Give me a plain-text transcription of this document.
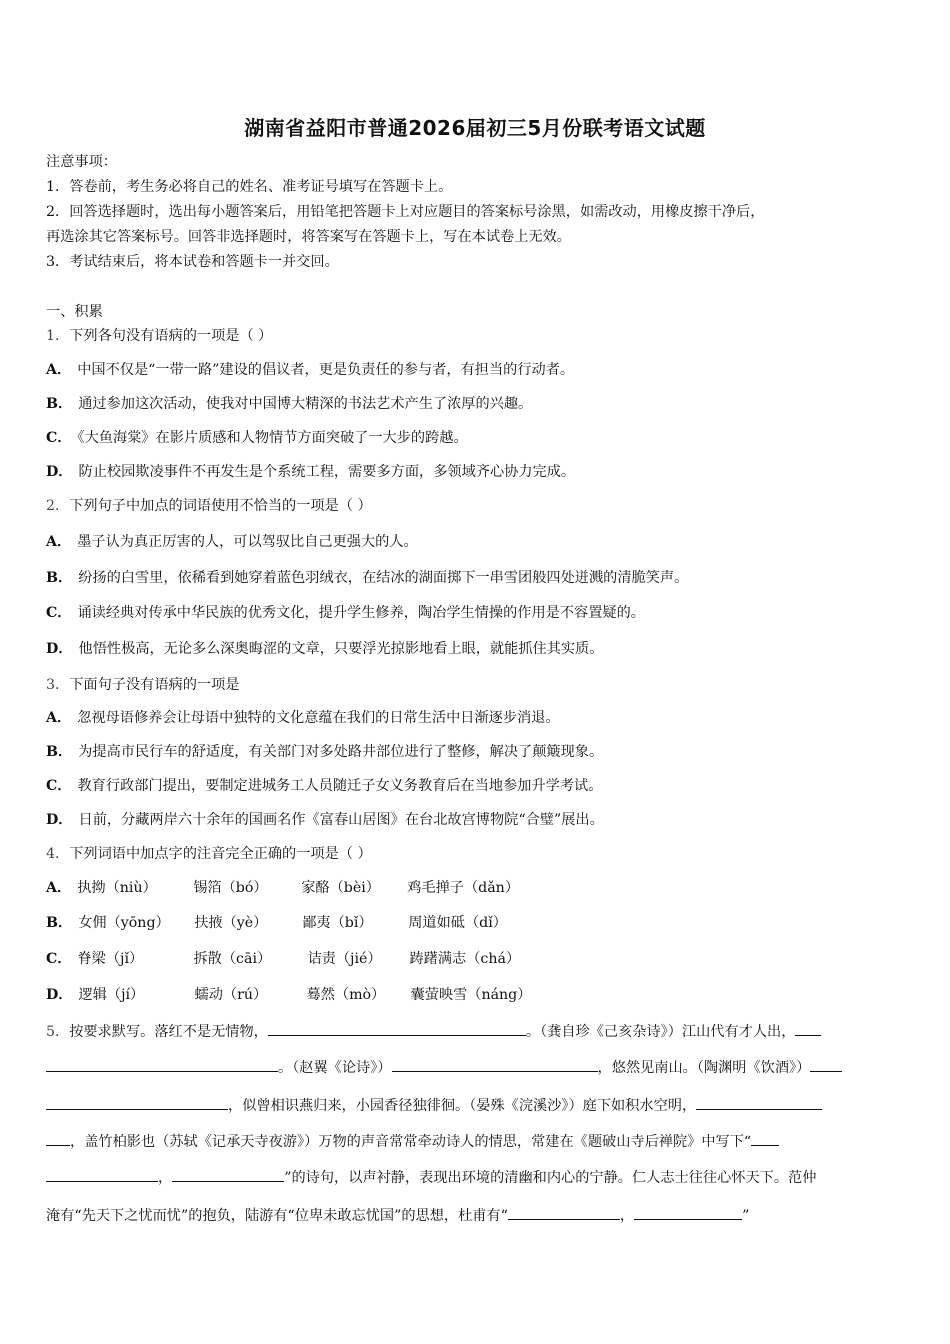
湖南省益阳市普通2026届初三5月份联考语文试题
注意事项：
1．答卷前，考生务必将自己的姓名、准考证号填写在答题卡上。
2．回答选择题时，选出每小题答案后，用铅笔把答题卡上对应题目的答案标号涂黑，如需改动，用橡皮擦干净后，
再选涂其它答案标号。回答非选择题时，将答案写在答题卡上，写在本试卷上无效。
3．考试结束后，将本试卷和答题卡一并交回。
一、积累
1．下列各句没有语病的一项是（ ）
A． 中国不仅是“一带一路”建设的倡议者，更是负责任的参与者，有担当的行动者。
B． 通过参加这次活动，使我对中国博大精深的书法艺术产生了浓厚的兴趣。
C． 《大鱼海棠》在影片质感和人物情节方面突破了一大步的跨越。
D． 防止校园欺凌事件不再发生是个系统工程，需要多方面，多领域齐心协力完成。
2．下列句子中加点的词语使用不恰当的一项是（ ）
A． 墨子认为真正厉害的人，可以驾驭比自己更强大的人。
B． 纷扬的白雪里，依稀看到她穿着蓝色羽绒衣，在结冰的湖面掷下一串雪团般四处迸溅的清脆笑声。
C． 诵读经典对传承中华民族的优秀文化，提升学生修养，陶冶学生情操的作用是不容置疑的。
D． 他悟性极高，无论多么深奥晦涩的文章，只要浮光掠影地看上眼，就能抓住其实质。
3．下面句子没有语病的一项是
A． 忽视母语修养会让母语中独特的文化意蕴在我们的日常生活中日渐逐步消退。
B． 为提高市民行车的舒适度，有关部门对多处路井部位进行了整修，解决了颠簸现象。
C． 教育行政部门提出，要制定进城务工人员随迁子女义务教育后在当地参加升学考试。
D． 日前，分藏两岸六十余年的国画名作《富春山居图》在台北故宫博物院“合璧”展出。
4．下列词语中加点字的注音完全正确的一项是（ ）
A． 执拗（niù）	锡箔（bó） 家酪（bèi） 鸡毛掸子（dǎn）
B． 女佣（yōng） 扶掖（yè） 鄙夷（bǐ）	周道如砥（dǐ）
C． 脊梁（jǐ）	拆散（cāi）	诘责（jié） 踌躇满志（chá）
D． 逻辑（jí）	蠕动（rú）	蓦然（mò） 囊萤映雪（náng）
5．按要求默写。落红不是无情物，	。（龚自珍《己亥杂诗》）江山代有才人出，
。（赵翼《论诗》）	，悠然见南山。（陶渊明《饮酒》）
，似曾相识燕归来，小园香径独徘徊。（晏殊《浣溪沙》）庭下如积水空明，
，盖竹柏影也（苏轼《记承天寺夜游》）万物的声音常常牵动诗人的情思，常建在《题破山寺后禅院》中写下“
，	”的诗句，以声衬静，表现出环境的清幽和内心的宁静。仁人志士往往心怀天下。范仲
淹有“先天下之忧而忧”的抱负，陆游有“位卑未敢忘忧国”的思想，杜甫有“	，	”
